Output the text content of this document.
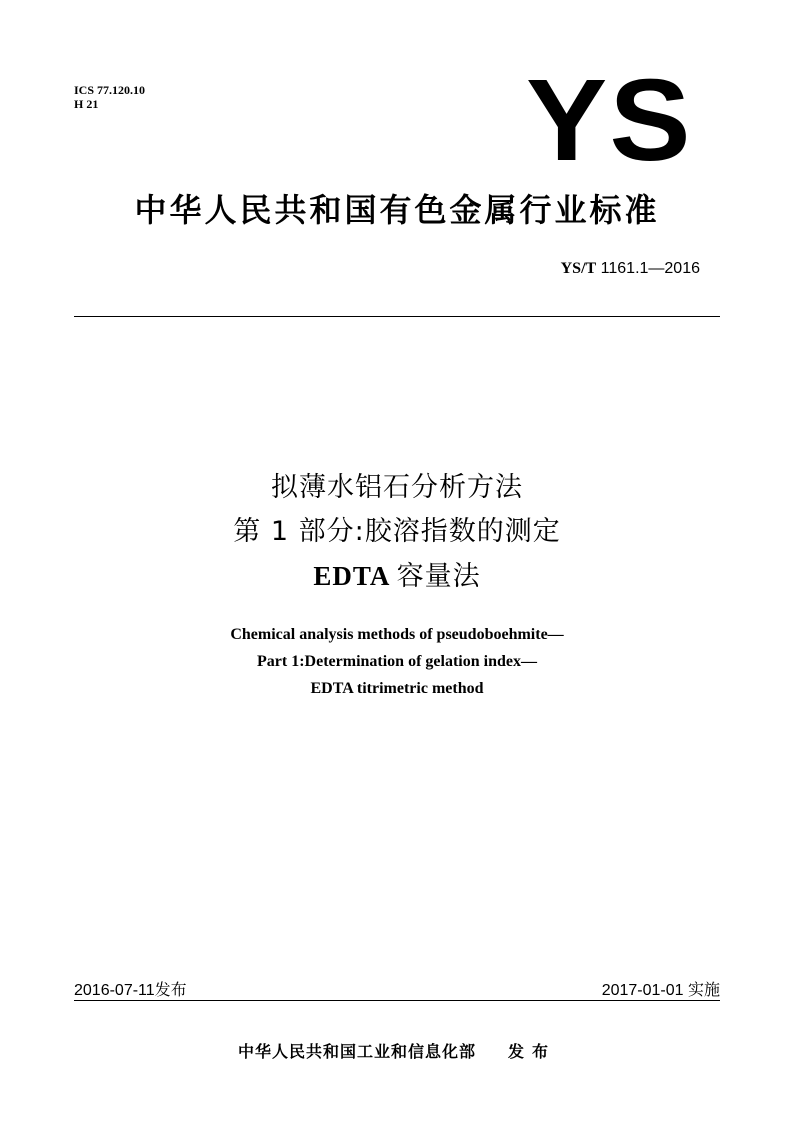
ICS 77.120.10
H 21	YS
中华人民共和国有色金属行业标准
YS/T 1161.1—2016
拟薄水铝石分析方法
第 1 部分:胶溶指数的测定
EDTA 容量法
Chemical analysis methods of pseudoboehmite—
Part 1:Determination of gelation index—
EDTA titrimetric method
2016-07-11发布	2017-01-01 实施
中华人民共和国工业和信息化部 发布
